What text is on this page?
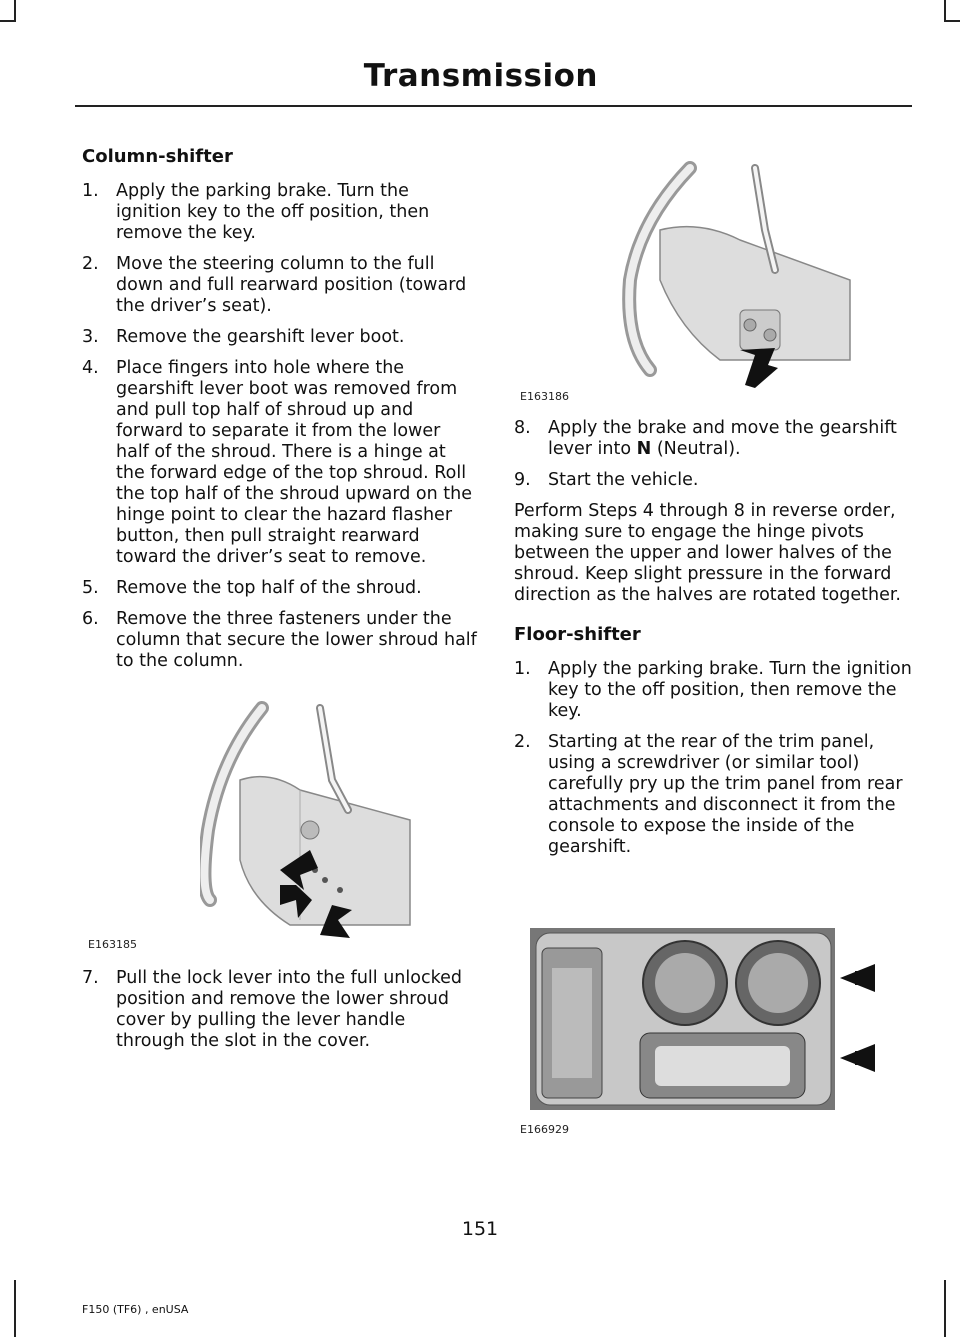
Transmission
Column-shifter
1. Apply the parking brake. Turn the ignition key to the off position, then remove the key.
2. Move the steering column to the full down and full rearward position (toward the driver’s seat).
3. Remove the gearshift lever boot.
4. Place fingers into hole where the gearshift lever boot was removed from and pull top half of shroud up and forward to separate it from the lower half of the shroud. There is a hinge at the forward edge of the top shroud. Roll the top half of the shroud upward on the hinge point to clear the hazard flasher button, then pull straight rearward toward the driver’s seat to remove.
5. Remove the top half of the shroud.
6. Remove the three fasteners under the column that secure the lower shroud half to the column.
E163185
7. Pull the lock lever into the full unlocked position and remove the lower shroud cover by pulling the lever handle through the slot in the cover.
E163186
8. Apply the brake and move the gearshift lever into N (Neutral).
9. Start the vehicle.

Perform Steps 4 through 8 in reverse order, making sure to engage the hinge pivots between the upper and lower halves of the shroud. Keep slight pressure in the forward direction as the halves are rotated together.

Floor-shifter
1. Apply the parking brake. Turn the ignition key to the off position, then remove the key.
2. Starting at the rear of the trim panel, using a screwdriver (or similar tool) carefully pry up the trim panel from rear attachments and disconnect it from the console to expose the inside of the gearshift.
E166929
151
F150 (TF6) , enUSA
